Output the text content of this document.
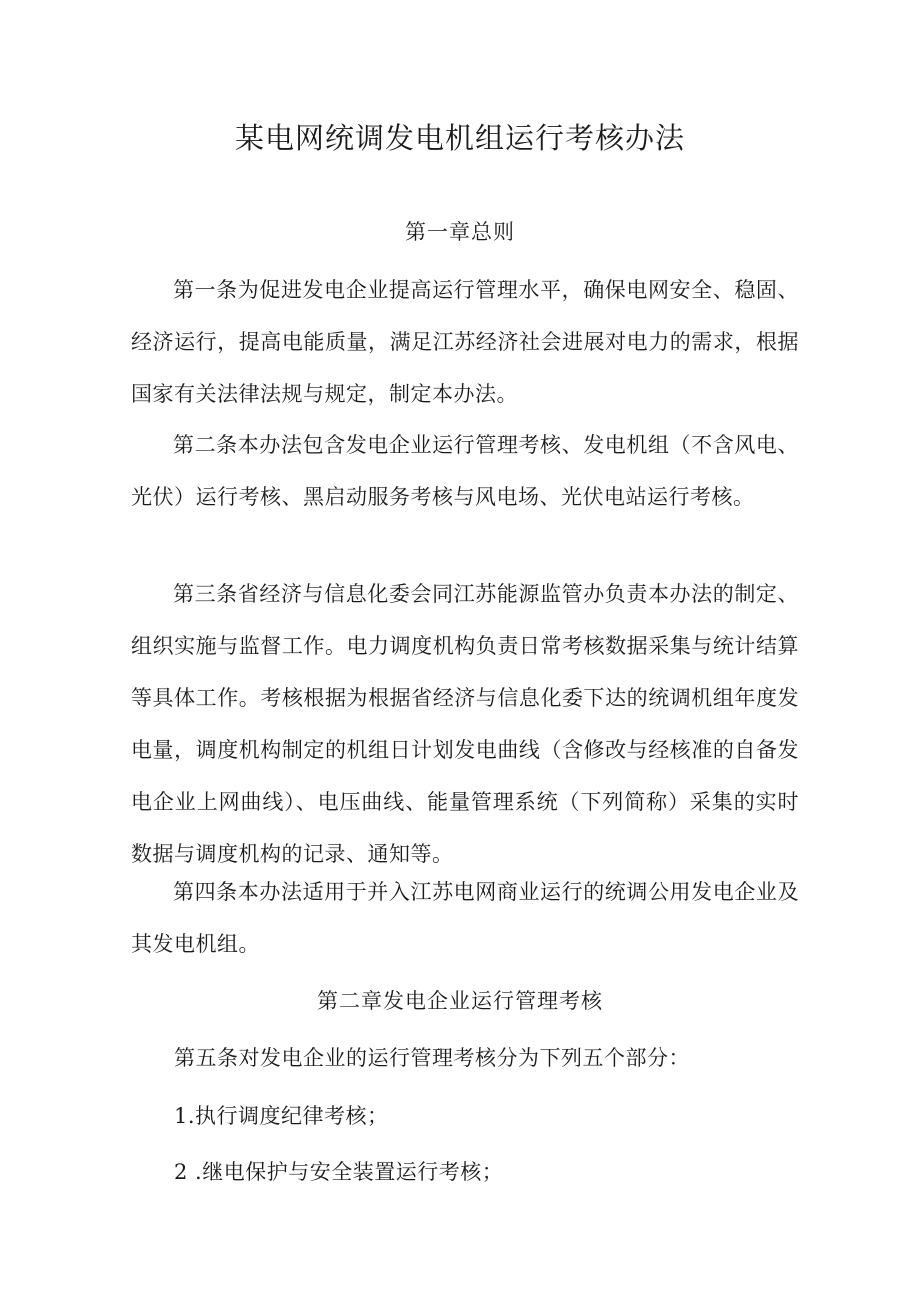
某电网统调发电机组运行考核办法
第一章总则
第一条为促进发电企业提高运行管理水平，确保电网安全、稳固、经济运行，提高电能质量，满足江苏经济社会进展对电力的需求，根据国家有关法律法规与规定，制定本办法。
第二条本办法包含发电企业运行管理考核、发电机组（不含风电、光伏）运行考核、黑启动服务考核与风电场、光伏电站运行考核。
第三条省经济与信息化委会同江苏能源监管办负责本办法的制定、组织实施与监督工作。电力调度机构负责日常考核数据采集与统计结算等具体工作。考核根据为根据省经济与信息化委下达的统调机组年度发电量，调度机构制定的机组日计划发电曲线（含修改与经核准的自备发电企业上网曲线）、电压曲线、能量管理系统（下列简称）采集的实时数据与调度机构的记录、通知等。
第四条本办法适用于并入江苏电网商业运行的统调公用发电企业及其发电机组。
第二章发电企业运行管理考核
第五条对发电企业的运行管理考核分为下列五个部分：
1.执行调度纪律考核；
2 .继电保护与安全装置运行考核；
